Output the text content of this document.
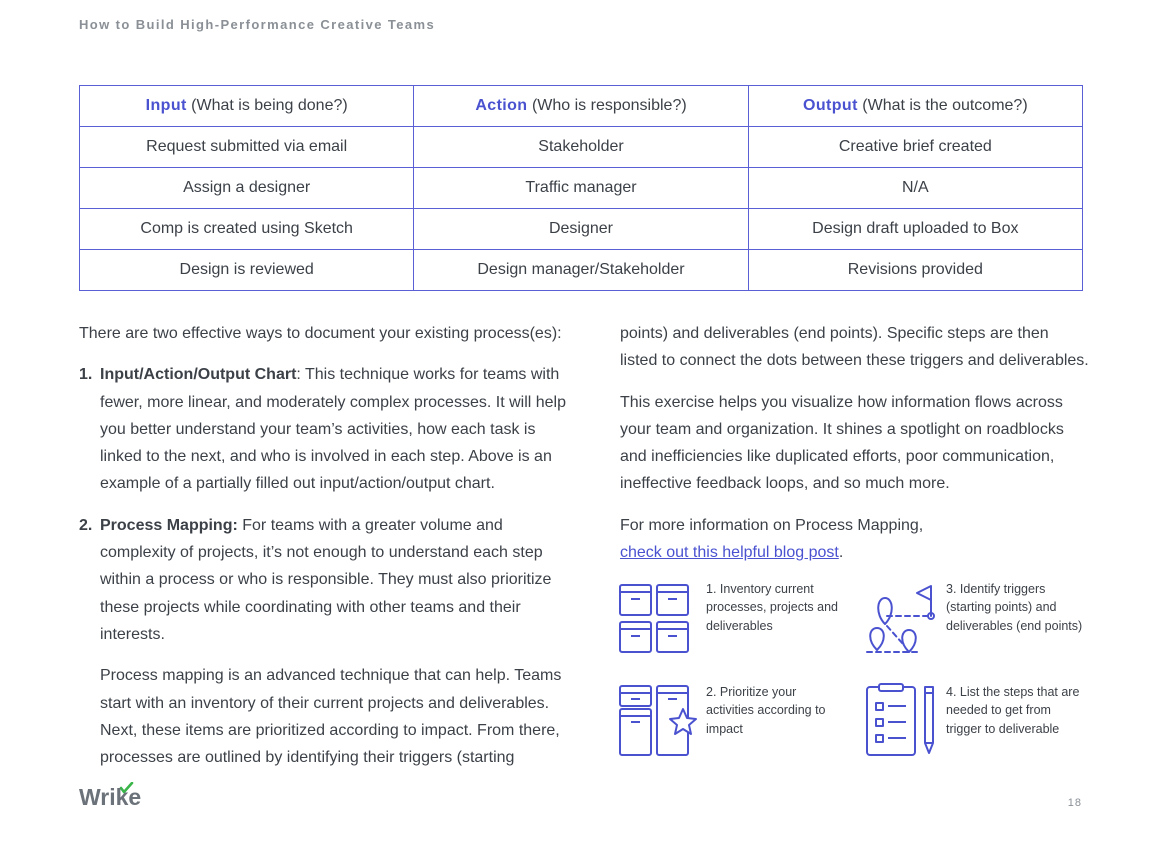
How to Build High-Performance Creative Teams
Input (What is being done?)	Action (Who is responsible?)	Output (What is the outcome?)
Request submitted via email	Stakeholder	Creative brief created
Assign a designer	Traffic manager	N/A
Comp is created using Sketch	Designer	Design draft uploaded to Box
Design is reviewed	Design manager/Stakeholder	Revisions provided

There are two effective ways to document your existing process(es):

1. Input/Action/Output Chart: This technique works for teams with fewer, more linear, and moderately complex processes. It will help you better understand your team’s activities, how each task is linked to the next, and who is involved in each step. Above is an example of a partially filled out input/action/output chart.

2. Process Mapping: For teams with a greater volume and complexity of projects, it’s not enough to understand each step within a process or who is responsible. They must also prioritize these projects while coordinating with other teams and their interests.

Process mapping is an advanced technique that can help. Teams start with an inventory of their current projects and deliverables. Next, these items are prioritized according to impact. From there, processes are outlined by identifying their triggers (starting

points) and deliverables (end points). Specific steps are then listed to connect the dots between these triggers and deliverables.

This exercise helps you visualize how information flows across your team and organization. It shines a spotlight on roadblocks and inefficiencies like duplicated efforts, poor communication, ineffective feedback loops, and so much more.

For more information on Process Mapping,
check out this helpful blog post.

1. Inventory current processes, projects and deliverables
3. Identify triggers (starting points) and deliverables (end points)
2. Prioritize your activities according to impact
4. List the steps that are needed to get from trigger to deliverable
Wrike	18
